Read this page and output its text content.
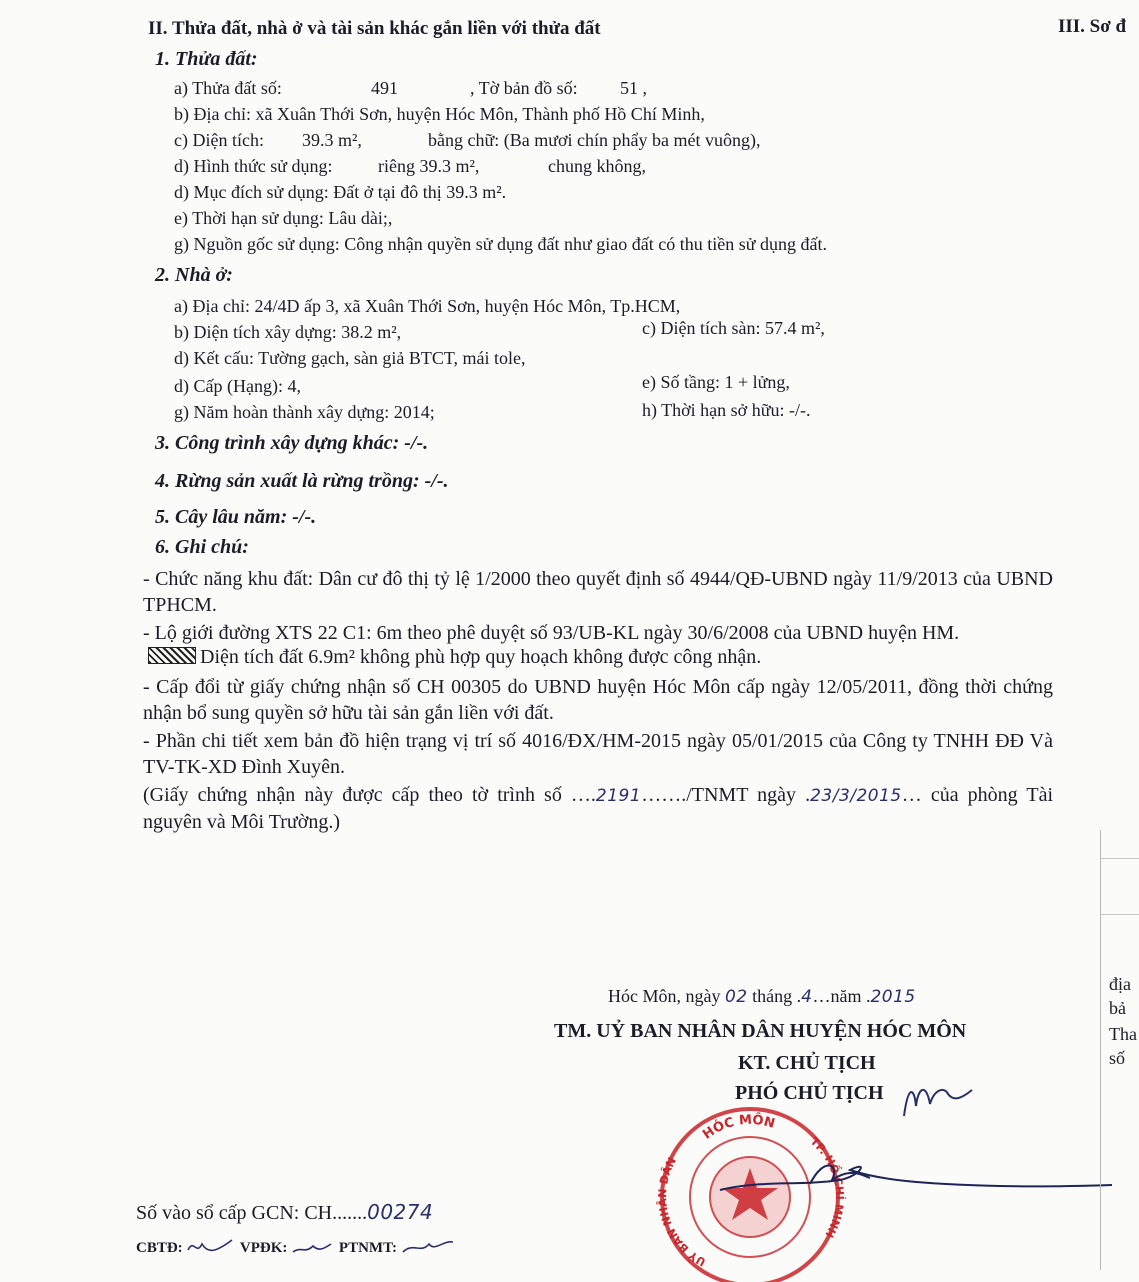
II. Thửa đất, nhà ở và tài sản khác gắn liền với thửa đất	III. Sơ đ
1. Thửa đất:
a) Thửa đất số:	491	, Tờ bản đồ số: 51 ,
b) Địa chỉ: xã Xuân Thới Sơn, huyện Hóc Môn, Thành phố Hồ Chí Minh,
c) Diện tích: 39.3 m²,	bằng chữ: (Ba mươi chín phẩy ba mét vuông),
d) Hình thức sử dụng:	riêng 39.3 m²,	chung không,
d) Mục đích sử dụng: Đất ở tại đô thị 39.3 m².
e) Thời hạn sử dụng: Lâu dài;,
g) Nguồn gốc sử dụng: Công nhận quyền sử dụng đất như giao đất có thu tiền sử dụng đất.
2. Nhà ở:
a) Địa chỉ: 24/4D ấp 3, xã Xuân Thới Sơn, huyện Hóc Môn, Tp.HCM,
b) Diện tích xây dựng: 38.2 m²,	c) Diện tích sàn: 57.4 m²,
d) Kết cấu: Tường gạch, sàn giả BTCT, mái tole,
d) Cấp (Hạng): 4,	e) Số tầng: 1 + lửng,
g) Năm hoàn thành xây dựng: 2014;	h) Thời hạn sở hữu: -/-.
3. Công trình xây dựng khác: -/-.
4. Rừng sản xuất là rừng trồng: -/-.
5. Cây lâu năm: -/-.
6. Ghi chú:
- Chức năng khu đất: Dân cư đô thị tỷ lệ 1/2000 theo quyết định số 4944/QĐ-UBND ngày 11/9/2013 của UBND TPHCM.
- Lộ giới đường XTS 22 C1: 6m theo phê duyệt số 93/UB-KL ngày 30/6/2008 của UBND huyện HM.
Diện tích đất 6.9m² không phù hợp quy hoạch không được công nhận.
- Cấp đổi từ giấy chứng nhận số CH 00305 do UBND huyện Hóc Môn cấp ngày 12/05/2011, đồng thời chứng nhận bổ sung quyền sở hữu tài sản gắn liền với đất.
- Phần chi tiết xem bản đồ hiện trạng vị trí số 4016/ĐX/HM-2015 ngày 05/01/2015 của Công ty TNHH ĐĐ Và TV-TK-XD Đình Xuyên.
(Giấy chứng nhận này được cấp theo tờ trình số ….2191……./TNMT ngày .23/3/2015… của phòng Tài nguyên và Môi Trường.)
Hóc Môn, ngày 02 tháng .4…năm .2015
TM. UỶ BAN NHÂN DÂN HUYỆN HÓC MÔN
KT. CHỦ TỊCH
PHÓ CHỦ TỊCH
HÓC MÔN
UỶ BAN NHÂN DÂN
TP. HỒ CHÍ MINH
Số vào sổ cấp GCN: CH.......00274
CBTĐ:	VPĐK:	PTNMT:
địa
bả
Tha
số
